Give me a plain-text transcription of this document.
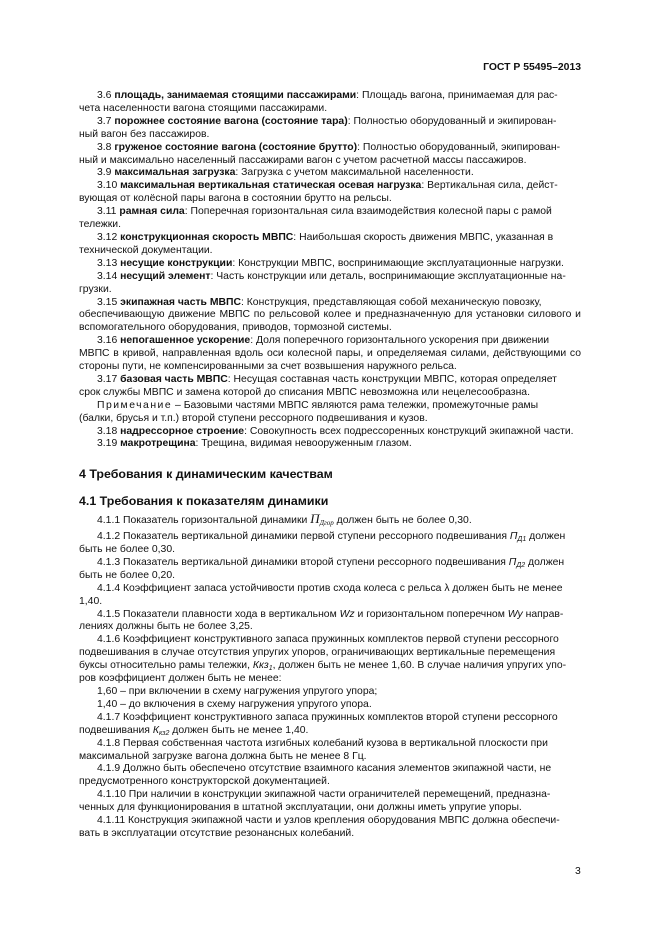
ГОСТ Р 55495–2013

3.6 площадь, занимаемая стоящими пассажирами: Площадь вагона, принимаемая для рас-
чета населенности вагона стоящими пассажирами.

3.7 порожнее состояние вагона (состояние тара): Полностью оборудованный и экипирован-
ный вагон без пассажиров.

3.8 груженое состояние вагона (состояние брутто): Полностью оборудованный, экипирован-
ный и максимально населенный пассажирами вагон с учетом расчетной массы пассажиров.

3.9 максимальная загрузка: Загрузка с учетом максимальной населенности.

3.10 максимальная вертикальная статическая осевая нагрузка: Вертикальная сила, дейст-
вующая от колёсной пары вагона в состоянии брутто на рельсы.

3.11 рамная сила: Поперечная горизонтальная сила взаимодействия колесной пары с рамой
тележки.

3.12 конструкционная скорость МВПС: Наибольшая скорость движения МВПС, указанная в
технической документации.

3.13 несущие конструкции: Конструкции МВПС, воспринимающие эксплуатационные нагрузки.

3.14 несущий элемент: Часть конструкции или деталь, воспринимающие эксплуатационные на-
грузки.

3.15 экипажная часть МВПС: Конструкция, представляющая собой механическую повозку,
обеспечивающую движение МВПС по рельсовой колее и предназначенную для установки силового и вспомогательного оборудования, приводов, тормозной системы.

3.16 непогашенное ускорение: Доля поперечного горизонтального ускорения при движении
МВПС в кривой, направленная вдоль оси колесной пары, и определяемая силами, действующими со стороны пути, не компенсированными за счет возвышения наружного рельса.

3.17 базовая часть МВПС: Несущая составная часть конструкции МВПС, которая определяет
срок службы МВПС и замена которой до списания МВПС невозможна или нецелесообразна.

Примечание – Базовыми частями МВПС являются рама тележки, промежуточные рамы
(балки, брусья и т.п.) второй ступени рессорного подвешивания и кузов.

3.18 надрессорное строение: Совокупность всех подрессоренных конструкций экипажной части.

3.19 макротрещина: Трещина, видимая невооруженным глазом.

4 Требования к динамическим качествам
4.1 Требования к показателям динамики

4.1.1 Показатель горизонтальной динамики $П_{Дгор}$ должен быть не более 0,30.

4.1.2 Показатель вертикальной динамики первой ступени рессорного подвешивания $П_{Д1}$ должен
быть не более 0,30.

4.1.3 Показатель вертикальной динамики второй ступени рессорного подвешивания $П_{Д2}$ должен
быть не более 0,20.

4.1.4 Коэффициент запаса устойчивости против схода колеса с рельса λ должен быть не менее
1,40.

4.1.5 Показатели плавности хода в вертикальном Wz и горизонтальном поперечном Wy направ-
лениях должны быть не более 3,25.

4.1.6 Коэффициент конструктивного запаса пружинных комплектов первой ступени рессорного
подвешивания в случае отсутствия упругих упоров, ограничивающих вертикальные перемещения
буксы относительно рамы тележки, Ккз$_1$, должен быть не менее 1,60. В случае наличия упругих упо-
ров коэффициент должен быть не менее:

1,60 – при включении в схему нагружения упругого упора;

1,40 – до включения в схему нагружения упругого упора.

4.1.7 Коэффициент конструктивного запаса пружинных комплектов второй ступени рессорного
подвешивания $К_{кз2}$ должен быть не менее 1,40.

4.1.8 Первая собственная частота изгибных колебаний кузова в вертикальной плоскости при
максимальной загрузке вагона должна быть не менее 8 Гц.

4.1.9 Должно быть обеспечено отсутствие взаимного касания элементов экипажной части, не
предусмотренного конструкторской документацией.

4.1.10 При наличии в конструкции экипажной части ограничителей перемещений, предназна-
ченных для функционирования в штатной эксплуатации, они должны иметь упругие упоры.

4.1.11 Конструкция экипажной части и узлов крепления оборудования МВПС должна обеспечи-
вать в эксплуатации отсутствие резонансных колебаний.

3
